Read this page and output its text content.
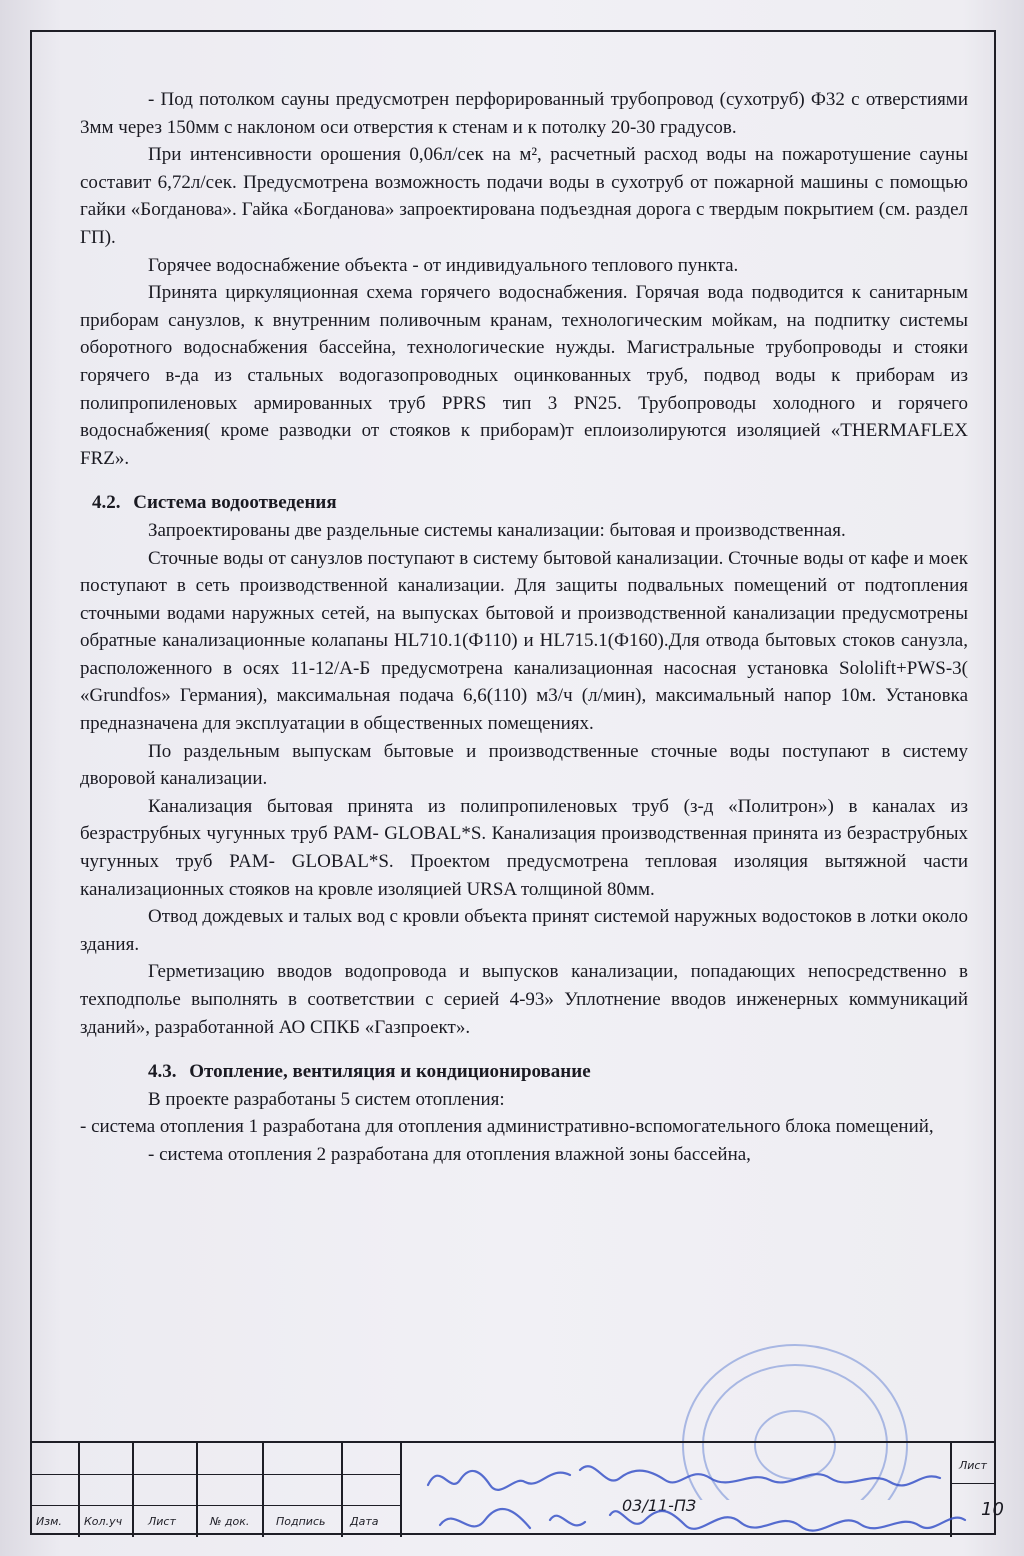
- Под потолком сауны предусмотрен перфорированный трубопровод (сухотруб) Ф32 с отверстиями 3мм через 150мм с наклоном оси отверстия к стенам и к потолку 20-30 градусов.

При интенсивности орошения 0,06л/сек на м², расчетный расход воды на пожаротушение сауны составит 6,72л/сек. Предусмотрена возможность подачи воды в сухотруб от пожарной машины с помощью гайки «Богданова». Гайка «Богданова» запроектирована подъездная дорога с твердым покрытием (см. раздел ГП).

Горячее водоснабжение объекта - от индивидуального теплового пункта.

Принята циркуляционная схема горячего водоснабжения. Горячая вода подводится к санитарным приборам санузлов, к внутренним поливочным кранам, технологическим мойкам, на подпитку системы оборотного водоснабжения бассейна, технологические нужды. Магистральные трубопроводы и стояки горячего в-да из стальных водогазопроводных оцинкованных труб, подвод воды к приборам из полипропиленовых армированных труб PPRS тип 3 PN25. Трубопроводы холодного и горячего водоснабжения( кроме разводки от стояков к приборам)т еплоизолируются изоляцией «THERMAFLEX FRZ».

4.2. Система водоотведения

Запроектированы две раздельные системы канализации: бытовая и производственная.

Сточные воды от санузлов поступают в систему бытовой канализации. Сточные воды от кафе и моек поступают в сеть производственной канализации. Для защиты подвальных помещений от подтопления сточными водами наружных сетей, на выпусках бытовой и производственной канализации предусмотрены обратные канализационные колапаны HL710.1(Ф110) и HL715.1(Ф160).Для отвода бытовых стоков санузла, расположенного в осях 11-12/А-Б предусмотрена канализационная насосная установка Sololift+PWS-3( «Grundfos» Германия), максимальная подача 6,6(110) м3/ч (л/мин), максимальный напор 10м. Установка предназначена для эксплуатации в общественных помещениях.

По раздельным выпускам бытовые и производственные сточные воды поступают в систему дворовой канализации.

Канализация бытовая принята из полипропиленовых труб (з-д «Политрон») в каналах из безраструбных чугунных труб PAM- GLOBAL*S. Канализация производственная принята из безраструбных чугунных труб PAM- GLOBAL*S. Проектом предусмотрена тепловая изоляция вытяжной части канализационных стояков на кровле изоляцией URSA толщиной 80мм.

Отвод дождевых и талых вод с кровли объекта принят системой наружных водостоков в лотки около здания.

Герметизацию вводов водопровода и выпусков канализации, попадающих непосредственно в техподполье выполнять в соответствии с серией 4-93» Уплотнение вводов инженерных коммуникаций зданий», разработанной АО СПКБ «Газпроект».

4.3. Отопление, вентиляция и кондиционирование

В проекте разработаны 5 систем отопления:

- система отопления 1 разработана для отопления административно-вспомогательного блока помещений,

- система отопления 2 разработана для отопления влажной зоны бассейна,

Изм. Кол.уч Лист	№ док. Подпись Дата
Лист
03/11-ПЗ	10
